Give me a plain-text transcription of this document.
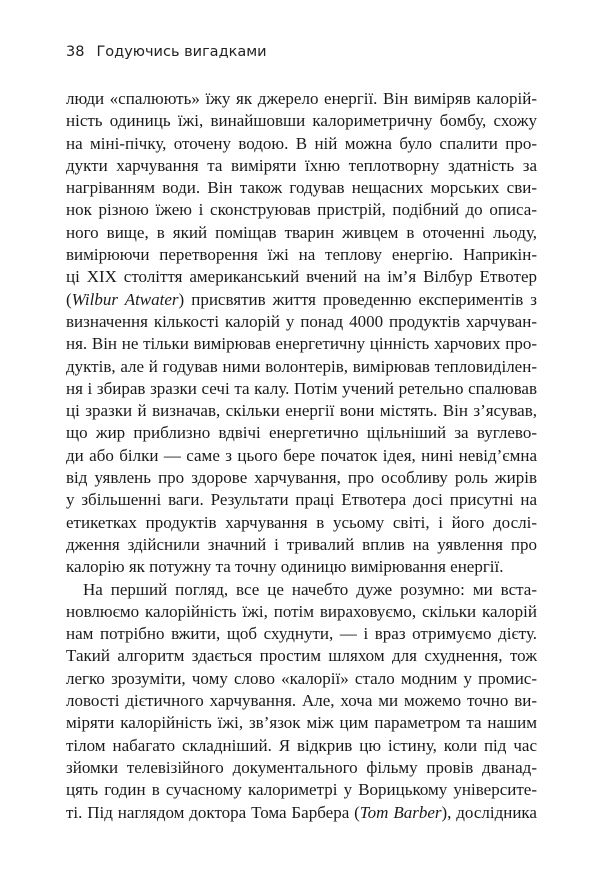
38 Годуючись вигадками
люди «спалюють» їжу як джерело енергії. Він виміряв калорій-
ність одиниць їжі, винайшовши калориметричну бомбу, схожу
на міні-пічку, оточену водою. В ній можна було спалити про-
дукти харчування та виміряти їхню теплотворну здатність за
нагріванням води. Він також годував нещасних морських сви-
нок різною їжею і сконструював пристрій, подібний до описа-
ного вище, в який поміщав тварин живцем в оточенні льоду,
вимірюючи перетворення їжі на теплову енергію. Наприкін-
ці XIX століття американський вчений на ім’я Вілбур Етвотер
(Wilbur Atwater) присвятив життя проведенню експериментів з
визначення кількості калорій у понад 4000 продуктів харчуван-
ня. Він не тільки вимірював енергетичну цінність харчових про-
дуктів, але й годував ними волонтерів, вимірював тепловиділен-
ня і збирав зразки сечі та калу. Потім учений ретельно спалював
ці зразки й визначав, скільки енергії вони містять. Він з’ясував,
що жир приблизно вдвічі енергетично щільніший за вуглево-
ди або білки — саме з цього бере початок ідея, нині невід’ємна
від уявлень про здорове харчування, про особливу роль жирів
у збільшенні ваги. Результати праці Етвотера досі присутні на
етикетках продуктів харчування в усьому світі, і його дослі-
дження здійснили значний і тривалий вплив на уявлення про
калорію як потужну та точну одиницю вимірювання енергії.
На перший погляд, все це начебто дуже розумно: ми вста-
новлюємо калорійність їжі, потім вираховуємо, скільки калорій
нам потрібно вжити, щоб схуднути, — і враз отримуємо дієту.
Такий алгоритм здається простим шляхом для схуднення, тож
легко зрозуміти, чому слово «калорії» стало модним у промис-
ловості дієтичного харчування. Але, хоча ми можемо точно ви-
міряти калорійність їжі, зв’язок між цим параметром та нашим
тілом набагато складніший. Я відкрив цю істину, коли під час
зйомки телевізійного документального фільму провів дванад-
цять годин в сучасному калориметрі у Ворицькому університе-
ті. Під наглядом доктора Тома Барбера (Tom Barber), дослідника
